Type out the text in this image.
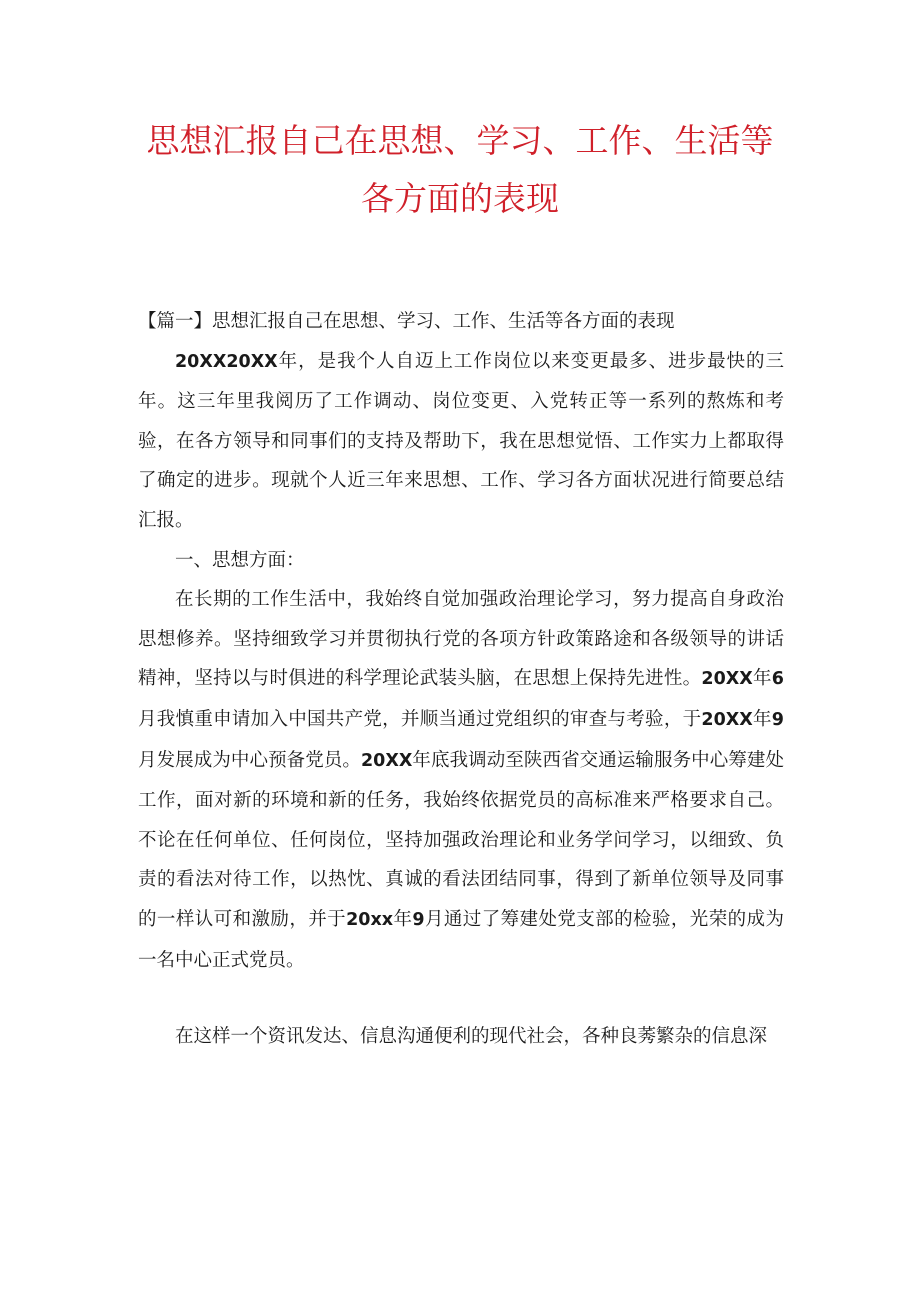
思想汇报自己在思想、学习、工作、生活等
各方面的表现

【篇一】思想汇报自己在思想、学习、工作、生活等各方面的表现

20XX20XX年，是我个人自迈上工作岗位以来变更最多、进步最快的三年。这三年里我阅历了工作调动、岗位变更、入党转正等一系列的熬炼和考验，在各方领导和同事们的支持及帮助下，我在思想觉悟、工作实力上都取得了确定的进步。现就个人近三年来思想、工作、学习各方面状况进行简要总结汇报。

一、思想方面：

在长期的工作生活中，我始终自觉加强政治理论学习，努力提高自身政治思想修养。坚持细致学习并贯彻执行党的各项方针政策路途和各级领导的讲话精神，坚持以与时俱进的科学理论武装头脑，在思想上保持先进性。20XX年6月我慎重申请加入中国共产党，并顺当通过党组织的审查与考验，于20XX年9月发展成为中心预备党员。20XX年底我调动至陕西省交通运输服务中心筹建处工作，面对新的环境和新的任务，我始终依据党员的高标准来严格要求自己。不论在任何单位、任何岗位，坚持加强政治理论和业务学问学习，以细致、负责的看法对待工作，以热忱、真诚的看法团结同事，得到了新单位领导及同事的一样认可和激励，并于20xx年9月通过了筹建处党支部的检验，光荣的成为一名中心正式党员。

在这样一个资讯发达、信息沟通便利的现代社会，各种良莠繁杂的信息深
